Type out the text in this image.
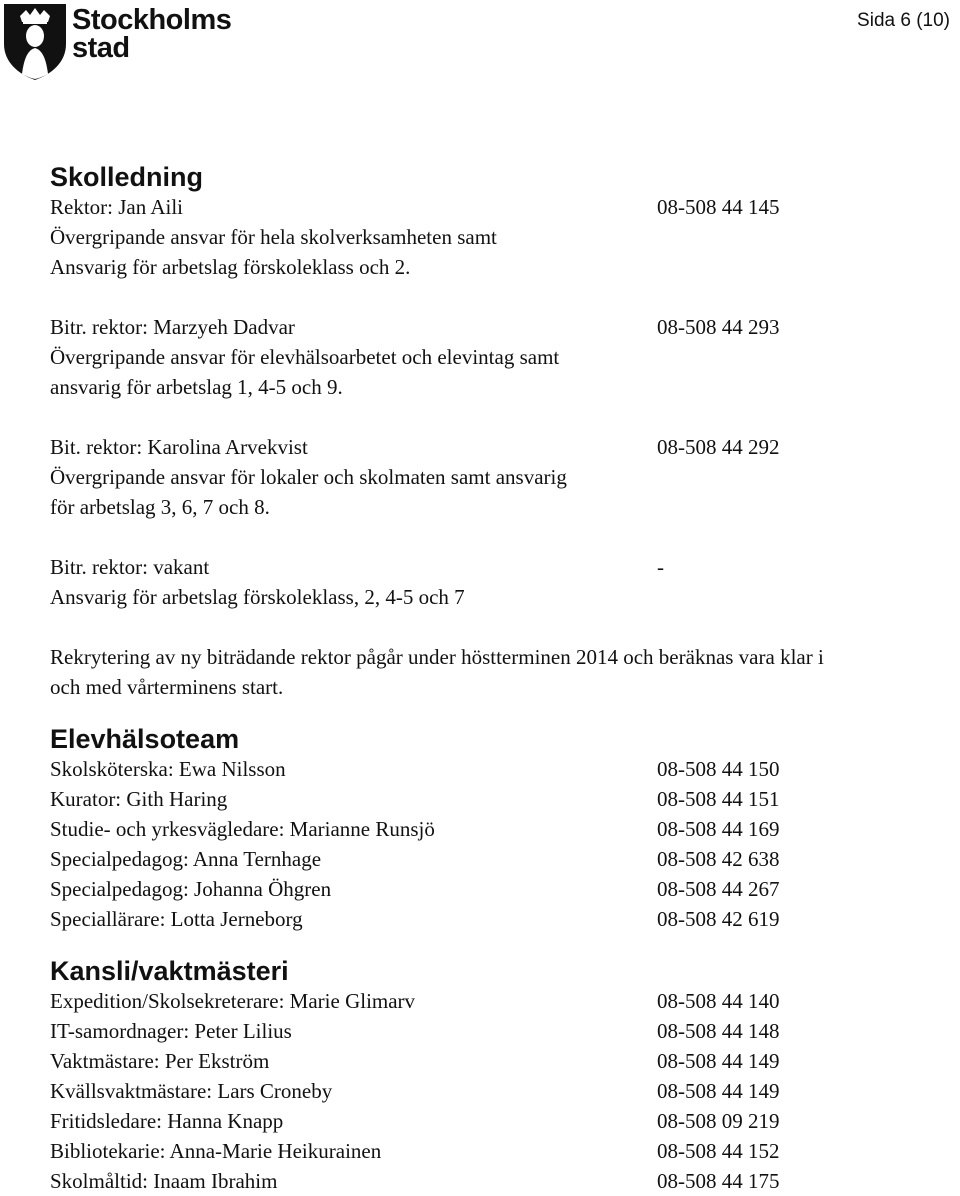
Stockholms
stad
Sida 6 (10)
Skolledning
Rektor: Jan Aili	08-508 44 145
Övergripande ansvar för hela skolverksamheten samt
Ansvarig för arbetslag förskoleklass och 2.
Bitr. rektor: Marzyeh Dadvar	08-508 44 293
Övergripande ansvar för elevhälsoarbetet och elevintag samt
ansvarig för arbetslag 1, 4-5 och 9.
Bit. rektor: Karolina Arvekvist	08-508 44 292
Övergripande ansvar för lokaler och skolmaten samt ansvarig
för arbetslag 3, 6, 7 och 8.
Bitr. rektor: vakant	-
Ansvarig för arbetslag förskoleklass, 2, 4-5 och 7
Rekrytering av ny biträdande rektor pågår under höstterminen 2014 och beräknas vara klar i
och med vårterminens start.
Elevhälsoteam
Skolsköterska: Ewa Nilsson	08-508 44 150
Kurator: Gith Haring	08-508 44 151
Studie- och yrkesvägledare: Marianne Runsjö	08-508 44 169
Specialpedagog: Anna Ternhage	08-508 42 638
Specialpedagog: Johanna Öhgren	08-508 44 267
Speciallärare: Lotta Jerneborg	08-508 42 619
Kansli/vaktmästeri
Expedition/Skolsekreterare: Marie Glimarv	08-508 44 140
IT-samordnager: Peter Lilius	08-508 44 148
Vaktmästare: Per Ekström	08-508 44 149
Kvällsvaktmästare: Lars Croneby	08-508 44 149
Fritidsledare: Hanna Knapp	08-508 09 219
Bibliotekarie: Anna-Marie Heikurainen	08-508 44 152
Skolmåltid: Inaam Ibrahim	08-508 44 175
